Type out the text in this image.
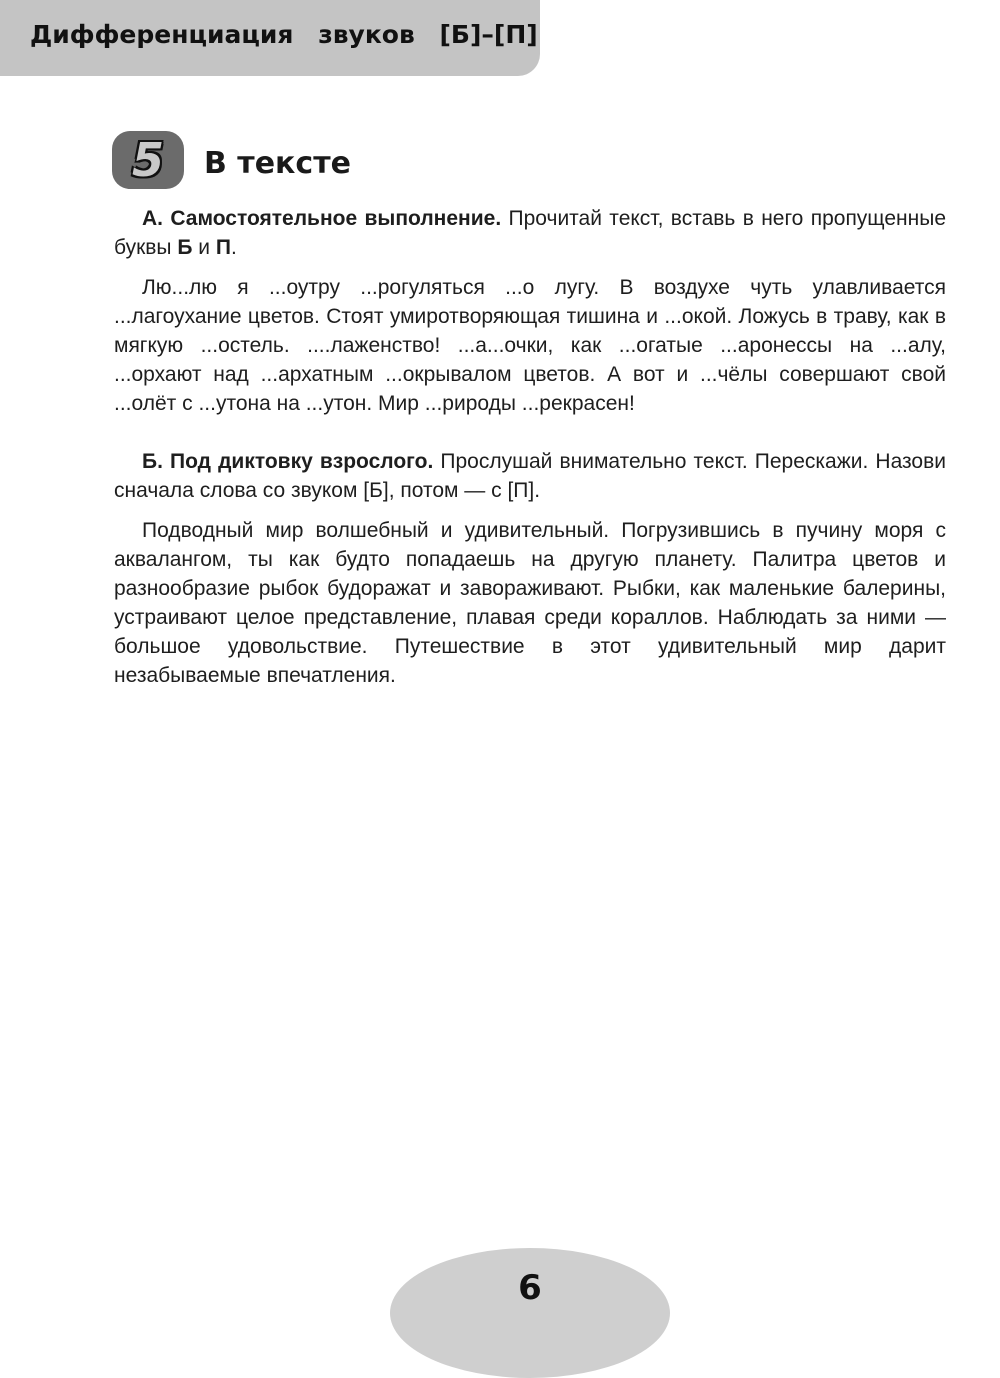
Дифференциация звуков [Б]–[П]
5 В тексте

А. Самостоятельное выполнение. Прочитай текст, вставь в него пропущенные буквы Б и П.

Лю...лю я ...оутру ...рогуляться ...о лугу. В воздухе чуть улавливается ...лагоухание цветов. Стоят умиротворяющая тишина и ...окой. Ложусь в траву, как в мягкую ...остель. ....лаженство! ...а...очки, как ...огатые ...аронессы на ...алу, ...орхают над ...архатным ...окрывалом цветов. А вот и ...чёлы совершают свой ...олёт с ...утона на ...утон. Мир ...рироды ...рекрасен!

Б. Под диктовку взрослого. Прослушай внимательно текст. Перескажи. Назови сначала слова со звуком [Б], потом — с [П].

Подводный мир волшебный и удивительный. Погрузившись в пучину моря с аквалангом, ты как будто попадаешь на другую планету. Палитра цветов и разнообразие рыбок будоражат и завораживают. Рыбки, как маленькие балерины, устраивают целое представление, плавая среди кораллов. Наблюдать за ними — большое удовольствие. Путешествие в этот удивительный мир дарит незабываемые впечатления.

6
